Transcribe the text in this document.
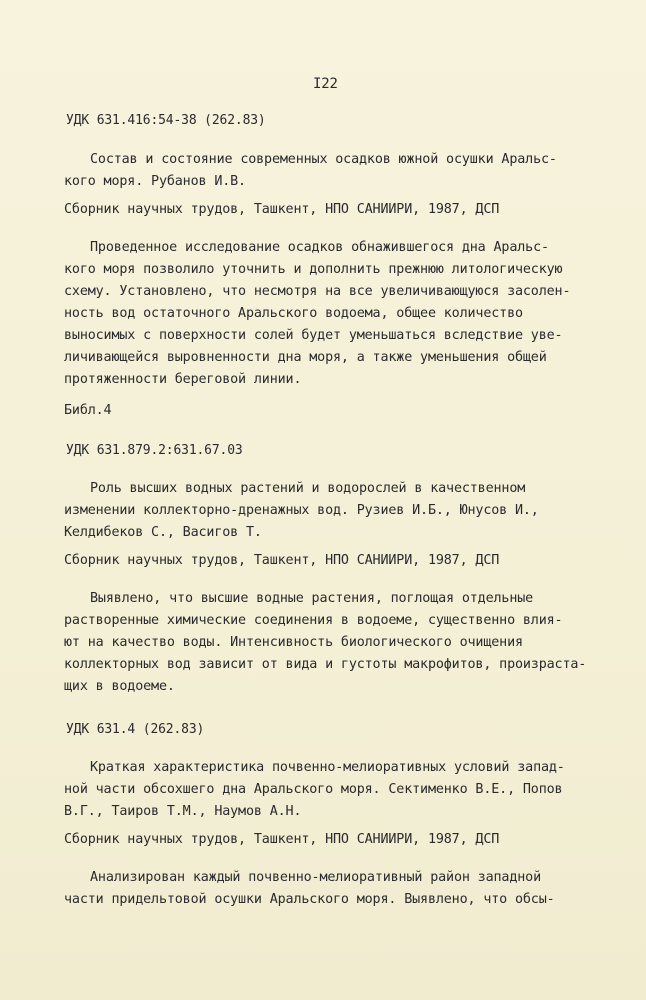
I22
УДК 631.416:54-38 (262.83)
Состав и состояние современных осадков южной осушки Аральс-
кого моря. Рубанов И.В.
Сборник научных трудов, Ташкент, НПО САНИИРИ, 1987, ДСП
Проведенное исследование осадков обнажившегося дна Аральс-
кого моря позволило уточнить и дополнить прежнюю литологическую
схему. Установлено, что несмотря на все увеличивающуюся засолен-
ность вод остаточного Аральского водоема, общее количество
выносимых с поверхности солей будет уменьшаться вследствие уве-
личивающейся выровненности дна моря, а также уменьшения общей
протяженности береговой линии.
Библ.4
УДК 631.879.2:631.67.03
Роль высших водных растений и водорослей в качественном
изменении коллекторно-дренажных вод. Рузиев И.Б., Юнусов И.,
Келдибеков С., Васигов Т.
Сборник научных трудов, Ташкент, НПО САНИИРИ, 1987, ДСП
Выявлено, что высшие водные растения, поглощая отдельные
растворенные химические соединения в водоеме, существенно влия-
ют на качество воды. Интенсивность биологического очищения
коллекторных вод зависит от вида и густоты макрофитов, произраста-
щих в водоеме.
УДК 631.4 (262.83)
Краткая характеристика почвенно-мелиоративных условий запад-
ной части обсохшего дна Аральского моря. Сектименко В.Е., Попов
В.Г., Таиров Т.М., Наумов А.Н.
Сборник научных трудов, Ташкент, НПО САНИИРИ, 1987, ДСП
Анализирован каждый почвенно-мелиоративный район западной
части придельтовой осушки Аральского моря. Выявлено, что обсы-
